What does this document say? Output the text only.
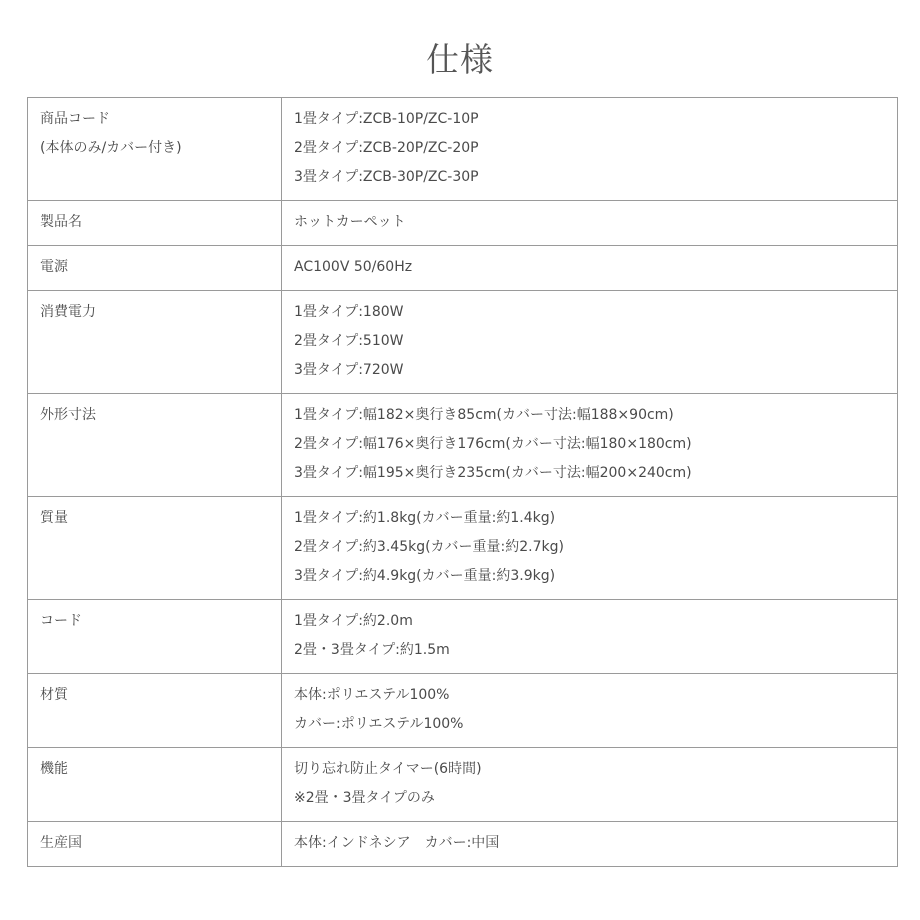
仕様
商品コード
(本体のみ/カバー付き)	1畳タイプ:ZCB-10P/ZC-10P
2畳タイプ:ZCB-20P/ZC-20P
3畳タイプ:ZCB-30P/ZC-30P

製品名	ホットカーペット

電源	AC100V 50/60Hz

消費電力	1畳タイプ:180W
2畳タイプ:510W
3畳タイプ:720W

外形寸法	1畳タイプ:幅182×奥行き85cm(カバー寸法:幅188×90cm)
2畳タイプ:幅176×奥行き176cm(カバー寸法:幅180×180cm)
3畳タイプ:幅195×奥行き235cm(カバー寸法:幅200×240cm)

質量	1畳タイプ:約1.8kg(カバー重量:約1.4kg)
2畳タイプ:約3.45kg(カバー重量:約2.7kg)
3畳タイプ:約4.9kg(カバー重量:約3.9kg)

コード	1畳タイプ:約2.0m
2畳・3畳タイプ:約1.5m

材質	本体:ポリエステル100%
カバー:ポリエステル100%

機能	切り忘れ防止タイマー(6時間)
※2畳・3畳タイプのみ

生産国	本体:インドネシア　カバー:中国
